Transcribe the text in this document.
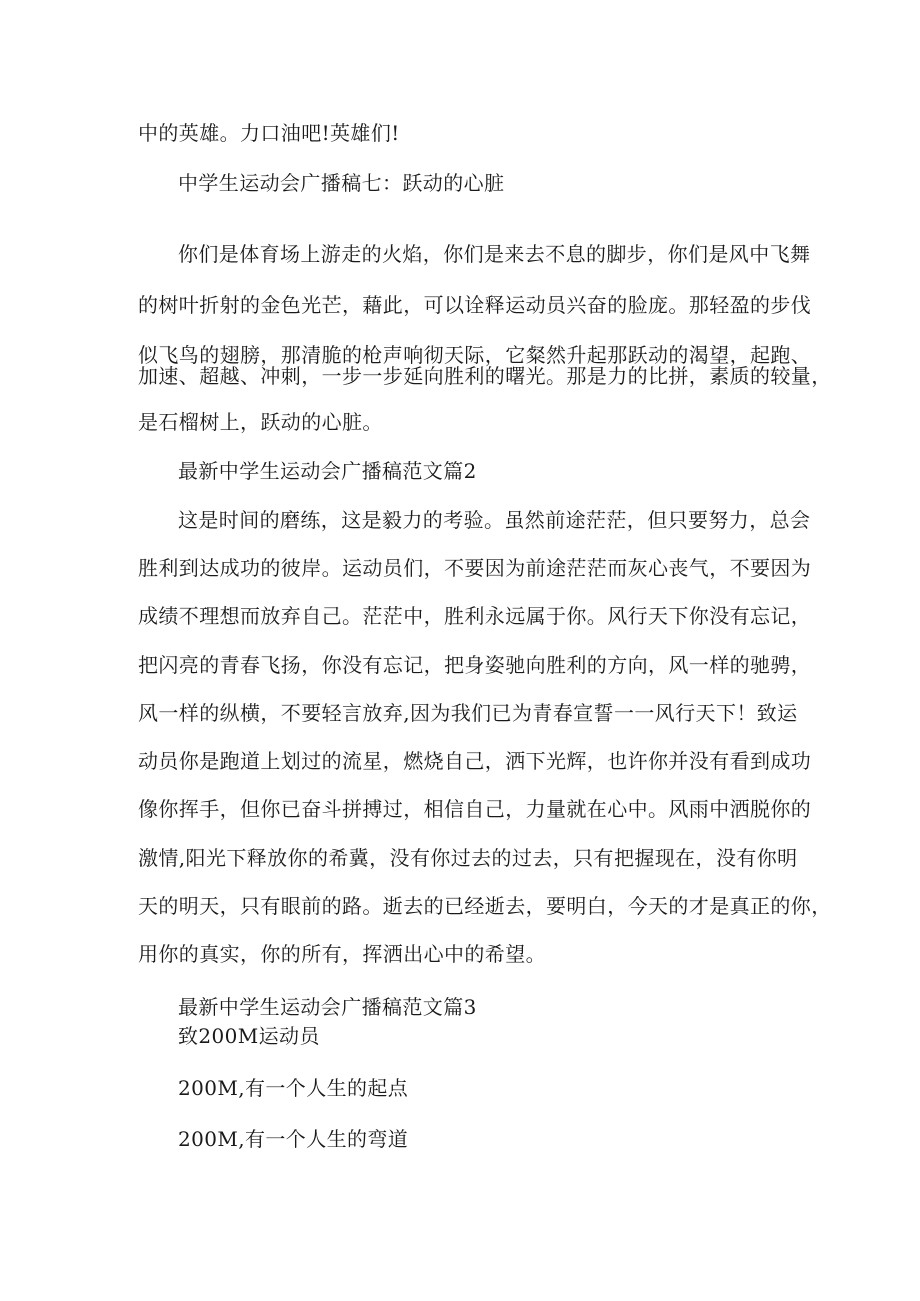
中的英雄。力口油吧!英雄们!

中学生运动会广播稿七：跃动的心脏

你们是体育场上游走的火焰，你们是来去不息的脚步，你们是风中飞舞

的树叶折射的金色光芒，藉此，可以诠释运动员兴奋的脸庞。那轻盈的步伐

似飞鸟的翅膀，那清脆的枪声响彻天际，它粲然升起那跃动的渴望，起跑、

加速、超越、冲刺，一步一步延向胜利的曙光。那是力的比拼，素质的较量，

是石榴树上，跃动的心脏。

最新中学生运动会广播稿范文篇2

这是时间的磨练，这是毅力的考验。虽然前途茫茫，但只要努力，总会

胜利到达成功的彼岸。运动员们，不要因为前途茫茫而灰心丧气，不要因为

成绩不理想而放弃自己。茫茫中，胜利永远属于你。风行天下你没有忘记，

把闪亮的青春飞扬，你没有忘记，把身姿驰向胜利的方向，风一样的驰骋，

风一样的纵横，不要轻言放弃,因为我们已为青春宣誓一一风行天下！致运

动员你是跑道上划过的流星，燃烧自己，洒下光辉，也许你并没有看到成功

像你挥手，但你已奋斗拼搏过，相信自己，力量就在心中。风雨中洒脱你的

激情,阳光下释放你的希冀，没有你过去的过去，只有把握现在，没有你明

天的明天，只有眼前的路。逝去的已经逝去，要明白，今天的才是真正的你，

用你的真实，你的所有，挥洒出心中的希望。

最新中学生运动会广播稿范文篇3

致200M运动员

200M,有一个人生的起点

200M,有一个人生的弯道
